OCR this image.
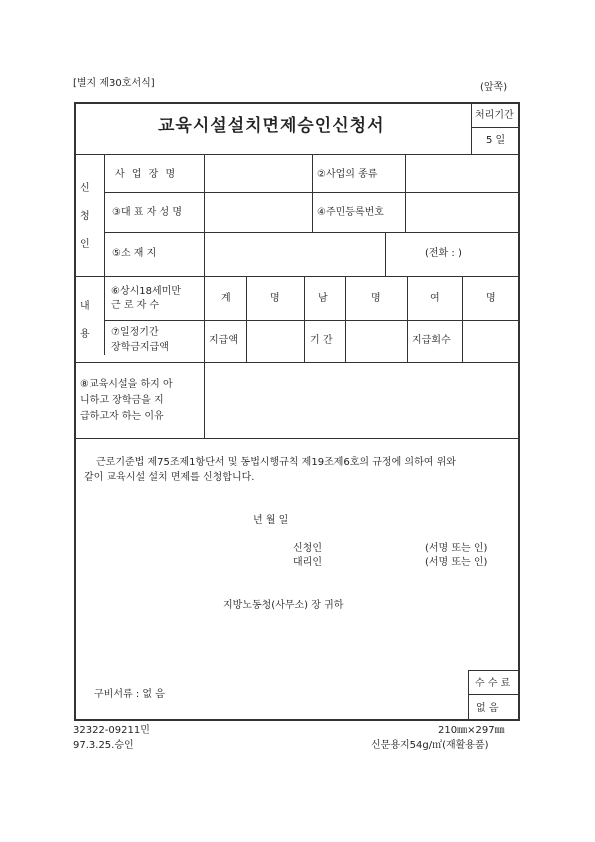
[별지 제30호서식]	(앞쪽)
교육시설설치면제승인신청서
처리기간
5 일
신
청
인
사 업 장 명	②사업의 종류
③대 표 자 성 명	④주민등록번호
⑤소 재 지	(전화 : )
내
용
⑥상시18세미만
근 로 자 수
계	명	남	명	여	명
⑦일정기간
장학금지급액
지급액	기 간	지급회수
⑧교육시설을 하지 아
니하고 장학금을 지
급하고자 하는 이유
근로기준법 제75조제1항단서 및 동법시행규칙 제19조제6호의 규정에 의하여 위와
같이 교육시설 설치 면제를 신청합니다.
년 월 일
신청인	(서명 또는 인)
대리인	(서명 또는 인)
지방노동청(사무소) 장 귀하
구비서류 : 없 음
수 수 료
없 음
32322-09211민
97.3.25.승인
210㎜×297㎜
신문용지54g/㎡(재활용품)
